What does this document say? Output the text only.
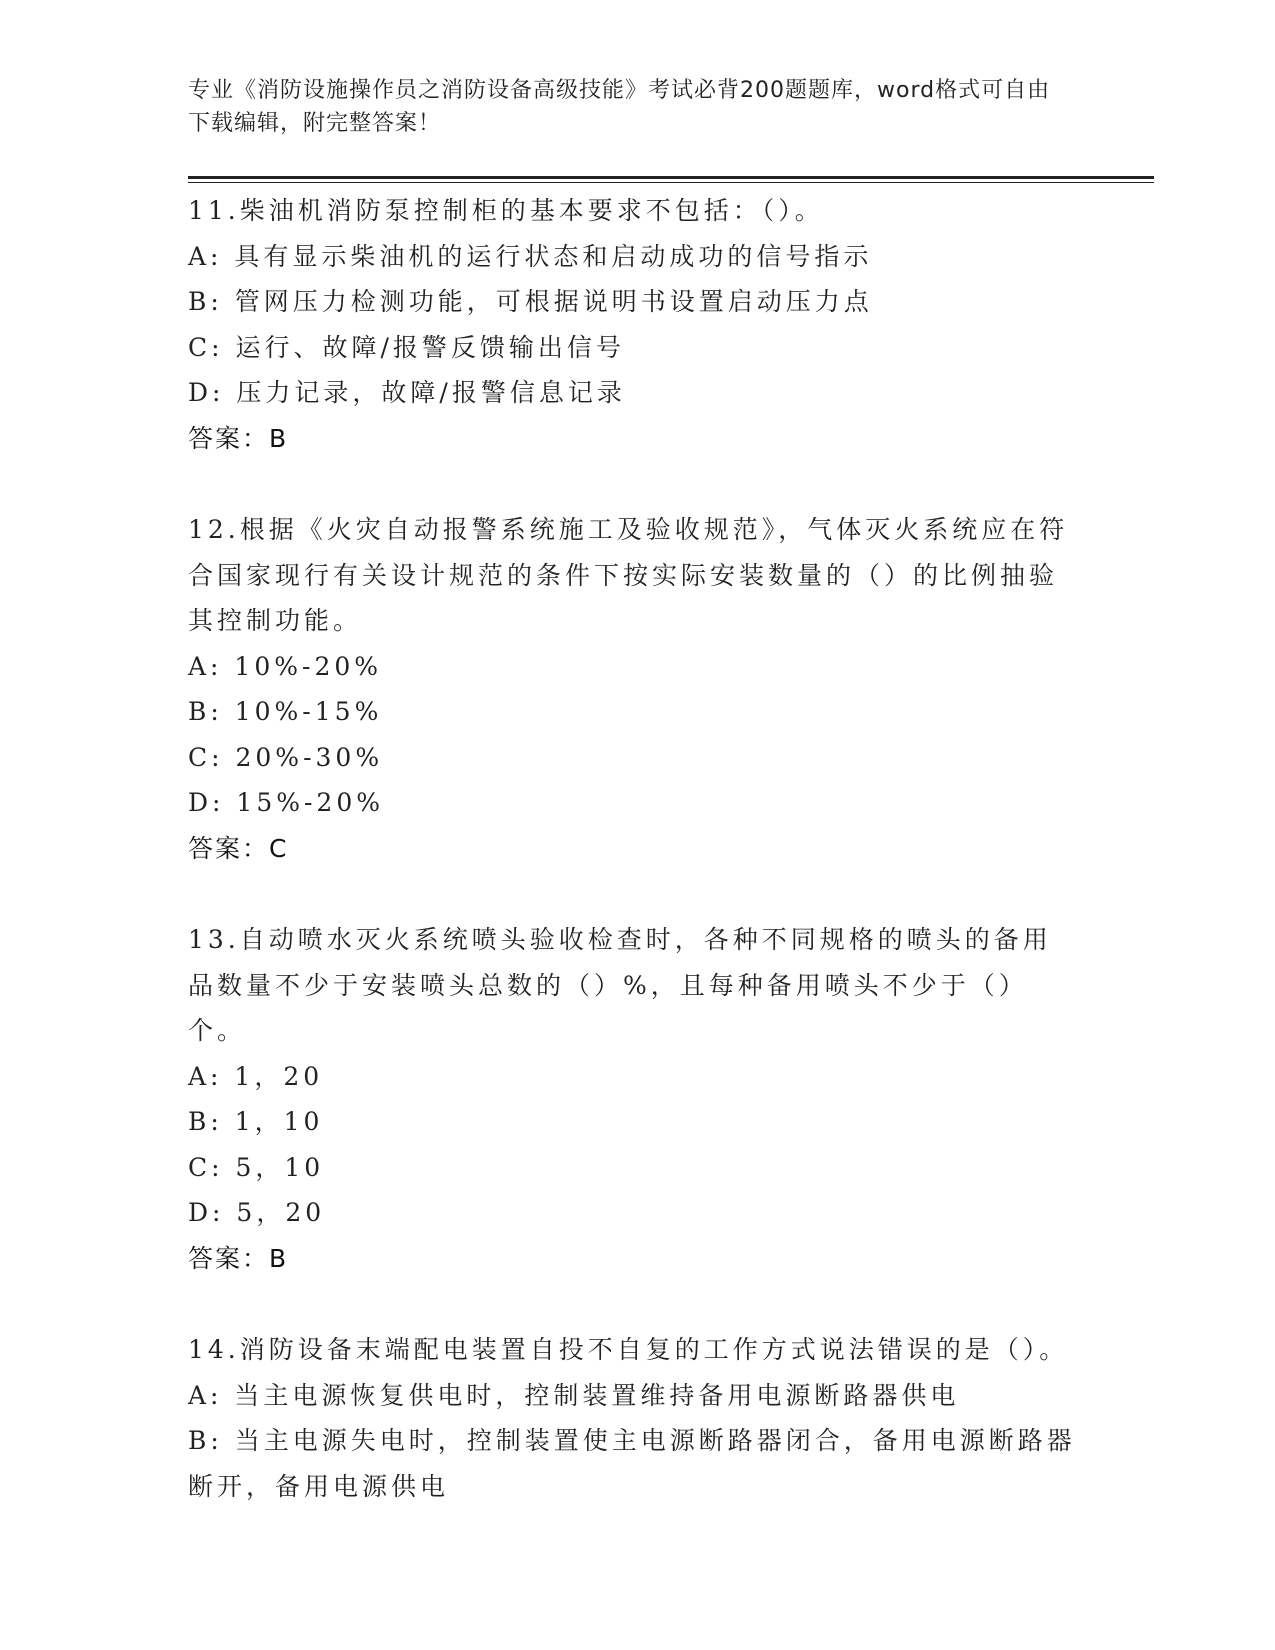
专业《消防设施操作员之消防设备高级技能》考试必背200题题库，word格式可自由下载编辑，附完整答案！
11.柴油机消防泵控制柜的基本要求不包括：（）。
A: 具有显示柴油机的运行状态和启动成功的信号指示
B: 管网压力检测功能，可根据说明书设置启动压力点
C: 运行、故障/报警反馈输出信号
D: 压力记录，故障/报警信息记录
答案：B
12.根据《火灾自动报警系统施工及验收规范》，气体灭火系统应在符合国家现行有关设计规范的条件下按实际安装数量的（）的比例抽验其控制功能。
A: 10%-20%
B: 10%-15%
C: 20%-30%
D: 15%-20%
答案：C
13.自动喷水灭火系统喷头验收检查时，各种不同规格的喷头的备用品数量不少于安装喷头总数的（）%，且每种备用喷头不少于（）个。
A: 1，20
B: 1，10
C: 5，10
D: 5，20
答案：B
14.消防设备末端配电装置自投不自复的工作方式说法错误的是（）。
A: 当主电源恢复供电时，控制装置维持备用电源断路器供电
B: 当主电源失电时，控制装置使主电源断路器闭合，备用电源断路器断开，备用电源供电
